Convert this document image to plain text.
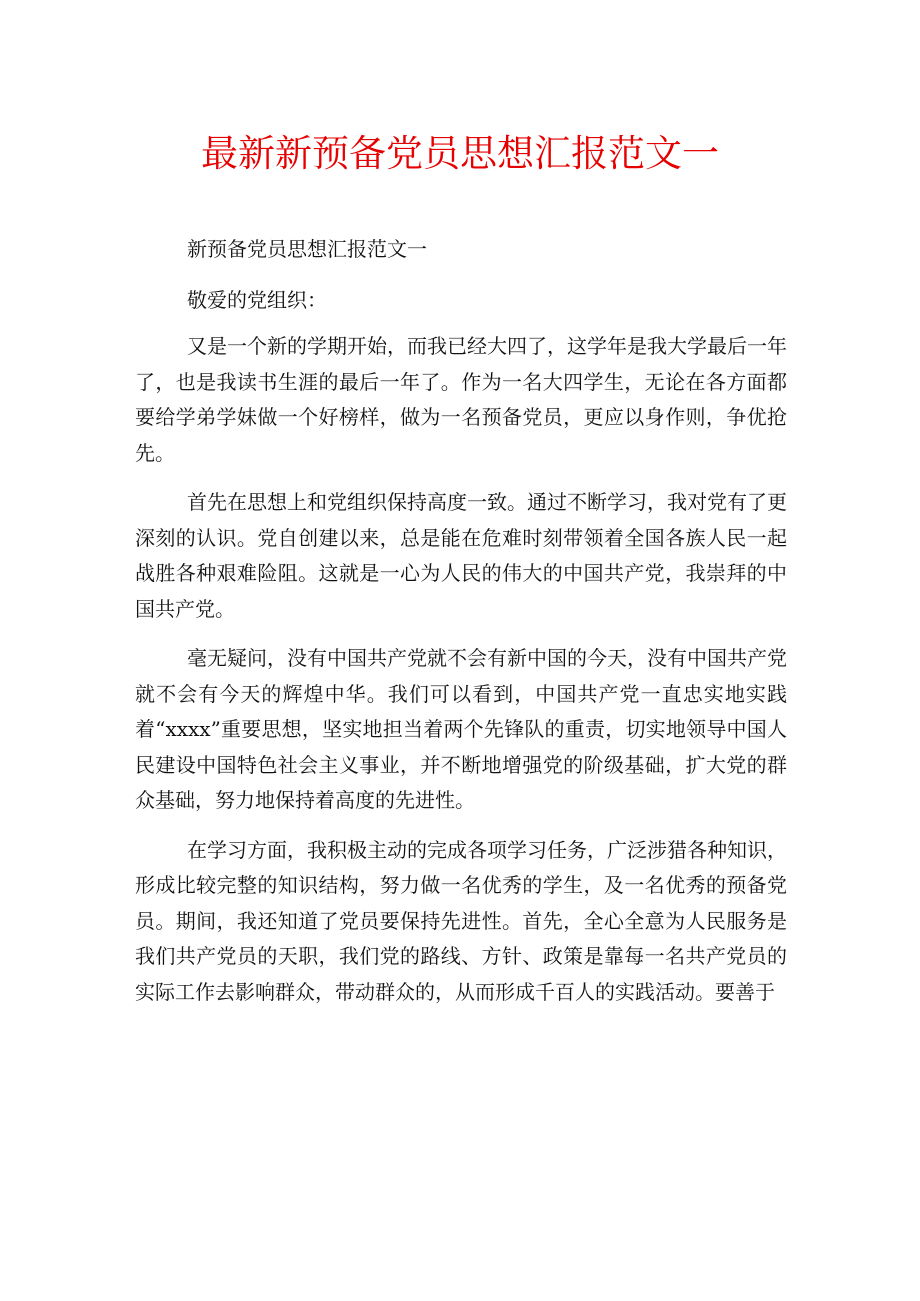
最新新预备党员思想汇报范文一

新预备党员思想汇报范文一

敬爱的党组织：

又是一个新的学期开始，而我已经大四了，这学年是我大学最后一年了，也是我读书生涯的最后一年了。作为一名大四学生，无论在各方面都要给学弟学妹做一个好榜样，做为一名预备党员，更应以身作则，争优抢先。

首先在思想上和党组织保持高度一致。通过不断学习，我对党有了更深刻的认识。党自创建以来，总是能在危难时刻带领着全国各族人民一起战胜各种艰难险阻。这就是一心为人民的伟大的中国共产党，我崇拜的中国共产党。

毫无疑问，没有中国共产党就不会有新中国的今天，没有中国共产党就不会有今天的辉煌中华。我们可以看到，中国共产党一直忠实地实践着“xxxx”重要思想，坚实地担当着两个先锋队的重责，切实地领导中国人民建设中国特色社会主义事业，并不断地增强党的阶级基础，扩大党的群众基础，努力地保持着高度的先进性。

在学习方面，我积极主动的完成各项学习任务，广泛涉猎各种知识，形成比较完整的知识结构，努力做一名优秀的学生，及一名优秀的预备党员。期间，我还知道了党员要保持先进性。首先，全心全意为人民服务是我们共产党员的天职，我们党的路线、方针、政策是靠每一名共产党员的实际工作去影响群众，带动群众的，从而形成千百人的实践活动。要善于
